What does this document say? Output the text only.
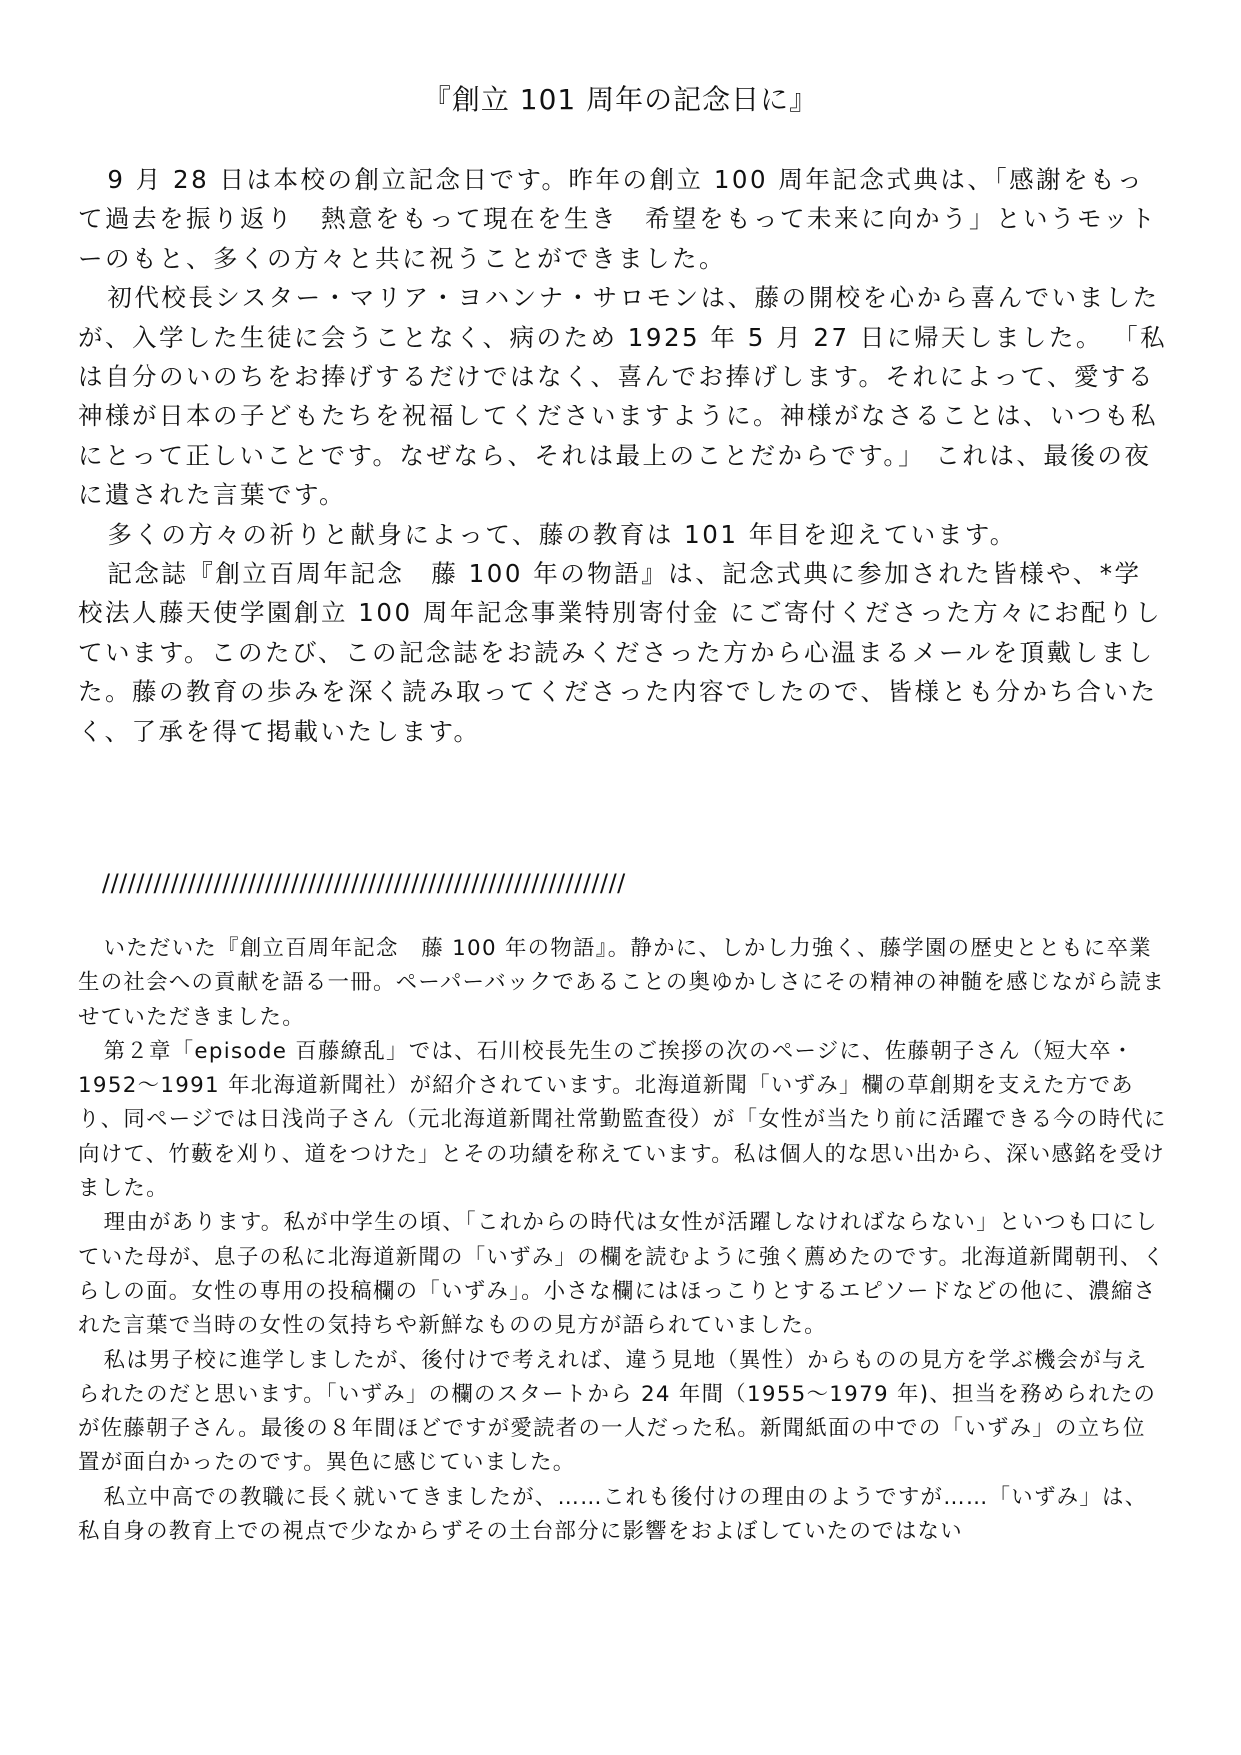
『創立 101 周年の記念日に』

9 月 28 日は本校の創立記念日です。昨年の創立 100 周年記念式典は、「感謝をもって過去を振り返り　熱意をもって現在を生き　希望をもって未来に向かう」というモットーのもと、多くの方々と共に祝うことができました。

初代校長シスター・マリア・ヨハンナ・サロモンは、藤の開校を心から喜んでいましたが、入学した生徒に会うことなく、病のため 1925 年 5 月 27 日に帰天しました。 「私は自分のいのちをお捧げするだけではなく、喜んでお捧げします。それによって、愛する神様が日本の子どもたちを祝福してくださいますように。神様がなさることは、いつも私にとって正しいことです。なぜなら、それは最上のことだからです。」 これは、最後の夜に遺された言葉です。

多くの方々の祈りと献身によって、藤の教育は 101 年目を迎えています。

記念誌『創立百周年記念　藤 100 年の物語』は、記念式典に参加された皆様や、*学校法人藤天使学園創立 100 周年記念事業特別寄付金 にご寄付くださった方々にお配りしています。このたび、この記念誌をお読みくださった方から心温まるメールを頂戴しました。藤の教育の歩みを深く読み取ってくださった内容でしたので、皆様とも分かち合いたく、了承を得て掲載いたします。

/////////////////////////////////////////////////////////////

いただいた『創立百周年記念　藤 100 年の物語』。静かに、しかし力強く、藤学園の歴史とともに卒業生の社会への貢献を語る一冊。ペーパーバックであることの奥ゆかしさにその精神の神髄を感じながら読ませていただきました。

第２章「episode 百藤繚乱」では、石川校長先生のご挨拶の次のページに、佐藤朝子さん（短大卒・1952～1991 年北海道新聞社）が紹介されています。北海道新聞「いずみ」欄の草創期を支えた方であり、同ページでは日浅尚子さん（元北海道新聞社常勤監査役）が「女性が当たり前に活躍できる今の時代に向けて、竹藪を刈り、道をつけた」とその功績を称えています。私は個人的な思い出から、深い感銘を受けました。

理由があります。私が中学生の頃、「これからの時代は女性が活躍しなければならない」といつも口にしていた母が、息子の私に北海道新聞の「いずみ」の欄を読むように強く薦めたのです。北海道新聞朝刊、くらしの面。女性の専用の投稿欄の「いずみ」。小さな欄にはほっこりとするエピソードなどの他に、濃縮された言葉で当時の女性の気持ちや新鮮なものの見方が語られていました。

私は男子校に進学しましたが、後付けで考えれば、違う見地（異性）からものの見方を学ぶ機会が与えられたのだと思います。「いずみ」の欄のスタートから 24 年間（1955～1979 年)、担当を務められたのが佐藤朝子さん。最後の８年間ほどですが愛読者の一人だった私。新聞紙面の中での「いずみ」の立ち位置が面白かったのです。異色に感じていました。

私立中高での教職に長く就いてきましたが、……これも後付けの理由のようですが……「いずみ」は、私自身の教育上での視点で少なからずその土台部分に影響をおよぼしていたのではない
